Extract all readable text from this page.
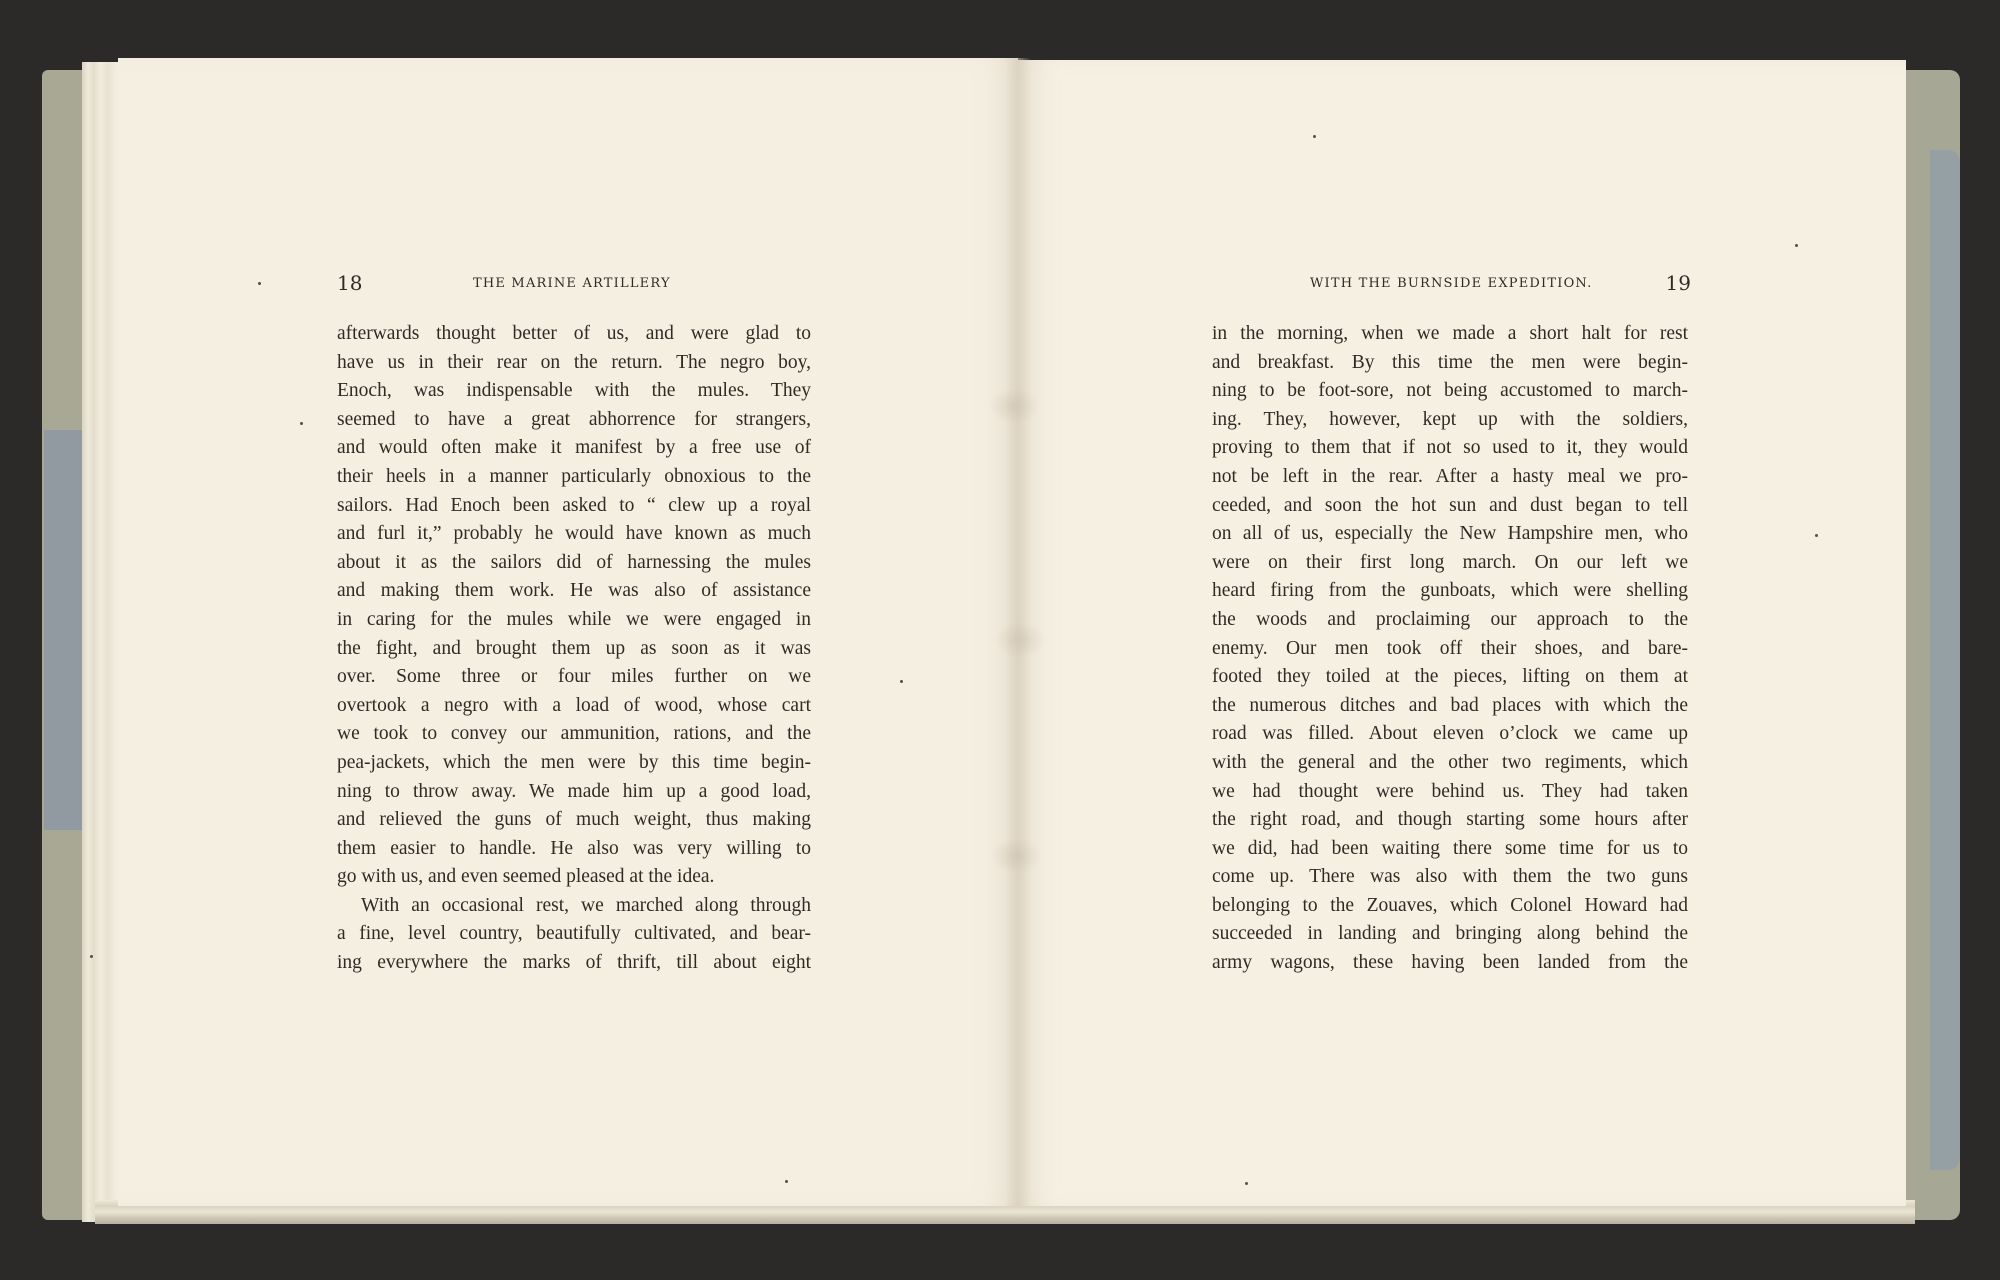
18	THE MARINE ARTILLERY	WITH THE BURNSIDE EXPEDITION.	19
afterwards thought better of us, and were glad to
have us in their rear on the return. The negro boy,
Enoch, was indispensable with the mules. They
seemed to have a great abhorrence for strangers,
and would often make it manifest by a free use of
their heels in a manner particularly obnoxious to the
sailors. Had Enoch been asked to “ clew up a royal
and furl it,” probably he would have known as much
about it as the sailors did of harnessing the mules
and making them work. He was also of assistance
in caring for the mules while we were engaged in
the fight, and brought them up as soon as it was
over. Some three or four miles further on we
overtook a negro with a load of wood, whose cart
we took to convey our ammunition, rations, and the
pea-jackets, which the men were by this time begin-
ning to throw away. We made him up a good load,
and relieved the guns of much weight, thus making
them easier to handle. He also was very willing to
go with us, and even seemed pleased at the idea.
With an occasional rest, we marched along through
a fine, level country, beautifully cultivated, and bear-
ing everywhere the marks of thrift, till about eight
in the morning, when we made a short halt for rest
and breakfast. By this time the men were begin-
ning to be foot-sore, not being accustomed to march-
ing. They, however, kept up with the soldiers,
proving to them that if not so used to it, they would
not be left in the rear. After a hasty meal we pro-
ceeded, and soon the hot sun and dust began to tell
on all of us, especially the New Hampshire men, who
were on their first long march. On our left we
heard firing from the gunboats, which were shelling
the woods and proclaiming our approach to the
enemy. Our men took off their shoes, and bare-
footed they toiled at the pieces, lifting on them at
the numerous ditches and bad places with which the
road was filled. About eleven o’clock we came up
with the general and the other two regiments, which
we had thought were behind us. They had taken
the right road, and though starting some hours after
we did, had been waiting there some time for us to
come up. There was also with them the two guns
belonging to the Zouaves, which Colonel Howard had
succeeded in landing and bringing along behind the
army wagons, these having been landed from the
